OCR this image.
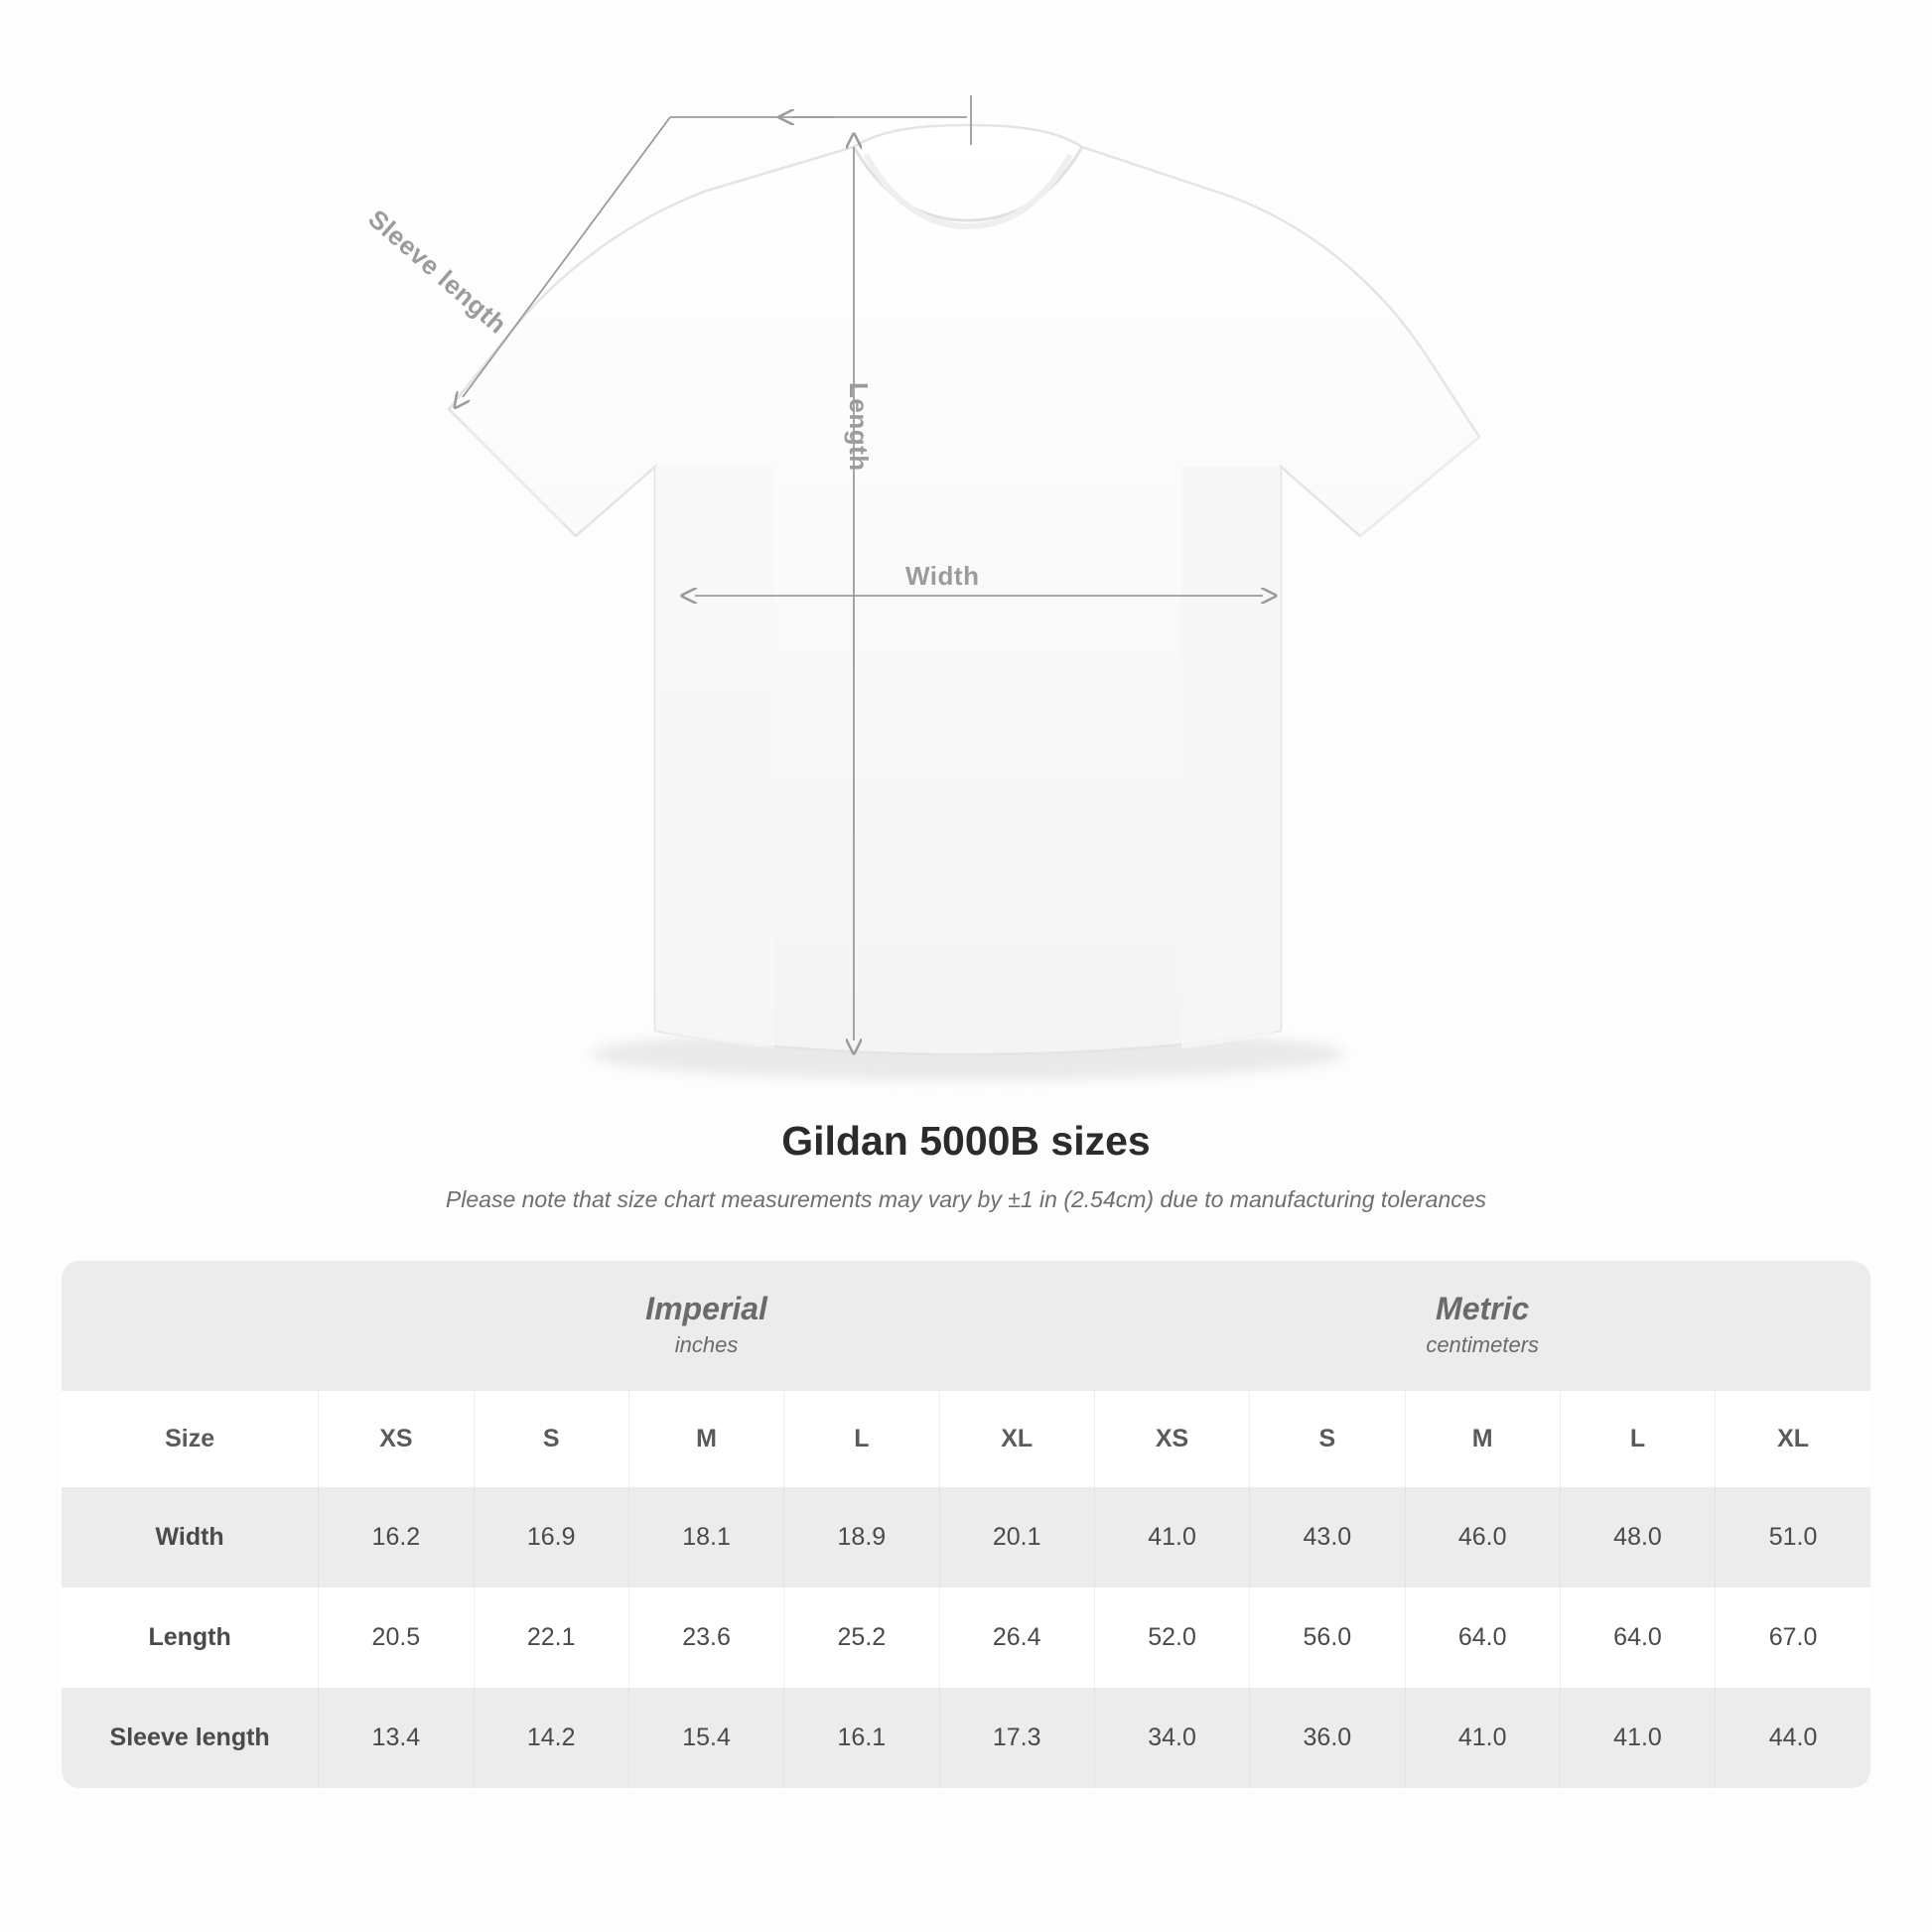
Sleeve length
Length
Width
Gildan 5000B sizes

Please note that size chart measurements may vary by ±1 in (2.54cm) due to manufacturing tolerances

Imperial
inches

Metric
centimeters

Size	XS	S	M	L	XL	XS	S	M	L	XL
Width	16.2	16.9	18.1	18.9	20.1	41.0	43.0	46.0	48.0	51.0
Length	20.5	22.1	23.6	25.2	26.4	52.0	56.0	64.0	64.0	67.0
Sleeve length	13.4	14.2	15.4	16.1	17.3	34.0	36.0	41.0	41.0	44.0
